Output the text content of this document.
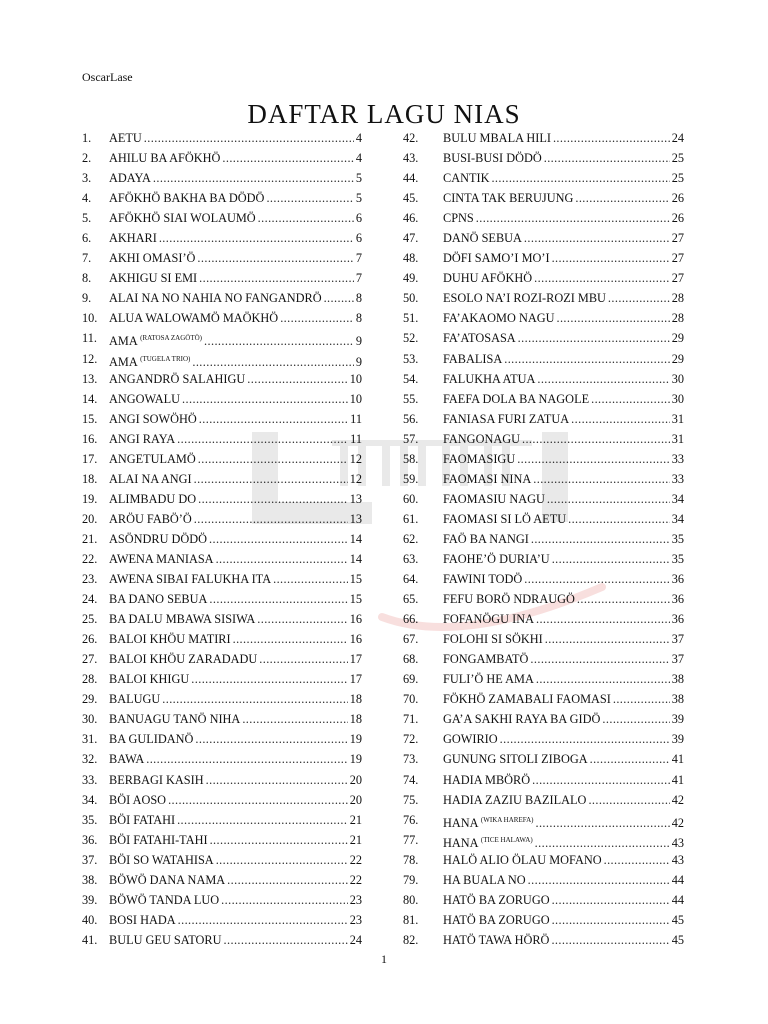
OscarLase
DAFTAR LAGU NIAS
1. AETU .....	4
2. AHILU BA AFÖKHÖ .....	4
3. ADAYA .....	5
4. AFÖKHÖ BAKHA BA DÖDÖ .....	5
5. AFÖKHÖ SIAI WOLAUMÖ .....	6
6. AKHARI .....	6
7. AKHI OMASI’Ö .....	7
8. AKHIGU SI EMI .....	7
9. ALAI NA NO NAHIA NO FANGANDRÖ .....	8
10. ALUA WALOWAMÖ MAÖKHÖ .....	8
11. AMA $^{(RATOSA ZAGÖTÖ)}$ .....	9
12. AMA $^{(TUGELA TRIO)}$ .....	9
13. ANGANDRÖ SALAHIGU .....	10
14. ANGOWALU .....	10
15. ANGI SOWÖHÖ .....	11
16. ANGI RAYA .....	11
17. ANGETULAMÖ .....	12
18. ALAI NA ANGI .....	12
19. ALIMBADU DO .....	13
20. ARÖU FABÖ’Ö .....	13
21. ASÖNDRU DÖDÖ .....	14
22. AWENA MANIASA .....	14
23. AWENA SIBAI FALUKHA ITA .....	15
24. BA DANO SEBUA .....	15
25. BA DALU MBAWA SISIWA .....	16
26. BALOI KHÖU MATIRI .....	16
27. BALOI KHÖU ZARADADU .....	17
28. BALOI KHIGU .....	17
29. BALUGU .....	18
30. BANUAGU TANÖ NIHA .....	18
31. BA GULIDANÖ .....	19
32. BAWA .....	19
33. BERBAGI KASIH .....	20
34. BÖI AOSO .....	20
35. BÖI FATAHI .....	21
36. BÖI FATAHI-TAHI .....	21
37. BÖI SO WATAHISA .....	22
38. BÖWÖ DANA NAMA .....	22
39. BÖWÖ TANDA LUO .....	23
40. BOSI HADA .....	23
41. BULU GEU SATORU .....	24
42. BULU MBALA HILI .....	24
43. BUSI-BUSI DÖDÖ .....	25
44. CANTIK .....	25
45. CINTA TAK BERUJUNG .....	26
46. CPNS .....	26
47. DANÖ SEBUA .....	27
48. DÖFI SAMO’I MO’I .....	27
49. DUHU AFÖKHÖ .....	27
50. ESOLO NA’I ROZI-ROZI MBU .....	28
51. FA’AKAOMO NAGU .....	28
52. FA’ATOSASA .....	29
53. FABALISA .....	29
54. FALUKHA ATUA .....	30
55. FAEFA DOLA BA NAGOLE .....	30
56. FANIASA FURI ZATUA .....	31
57. FANGONAGU .....	31
58. FAOMASIGU .....	33
59. FAOMASI NINA .....	33
60. FAOMASIU NAGU .....	34
61. FAOMASI SI LÖ AETU .....	34
62. FAÖ BA NANGI .....	35
63. FAOHE’Ö DURIA’U .....	35
64. FAWINI TODÖ .....	36
65. FEFU BORÖ NDRAUGÖ .....	36
66. FOFANÖGU INA .....	36
67. FOLOHI SI SÖKHI .....	37
68. FONGAMBATÖ .....	37
69. FULI’Ö HE AMA .....	38
70. FÖKHÖ ZAMABALI FAOMASI .....	38
71. GA’A SAKHI RAYA BA GIDÖ .....	39
72. GOWIRIO .....	39
73. GUNUNG SITOLI ZIBOGA .....	41
74. HADIA MBÖRÖ .....	41
75. HADIA ZAZIU BAZILALO .....	42
76. HANA $^{(WIKA HAREFA)}$ .....	42
77. HANA $^{(TICE HALAWA)}$ .....	43
78. HALÖ ALIO ÖLAU MOFANO .....	43
79. HA BUALA NO .....	44
80. HATÖ BA ZORUGO .....	44
81. HATÖ BA ZORUGO .....	45
82. HATÖ TAWA HÖRÖ .....	45
1
